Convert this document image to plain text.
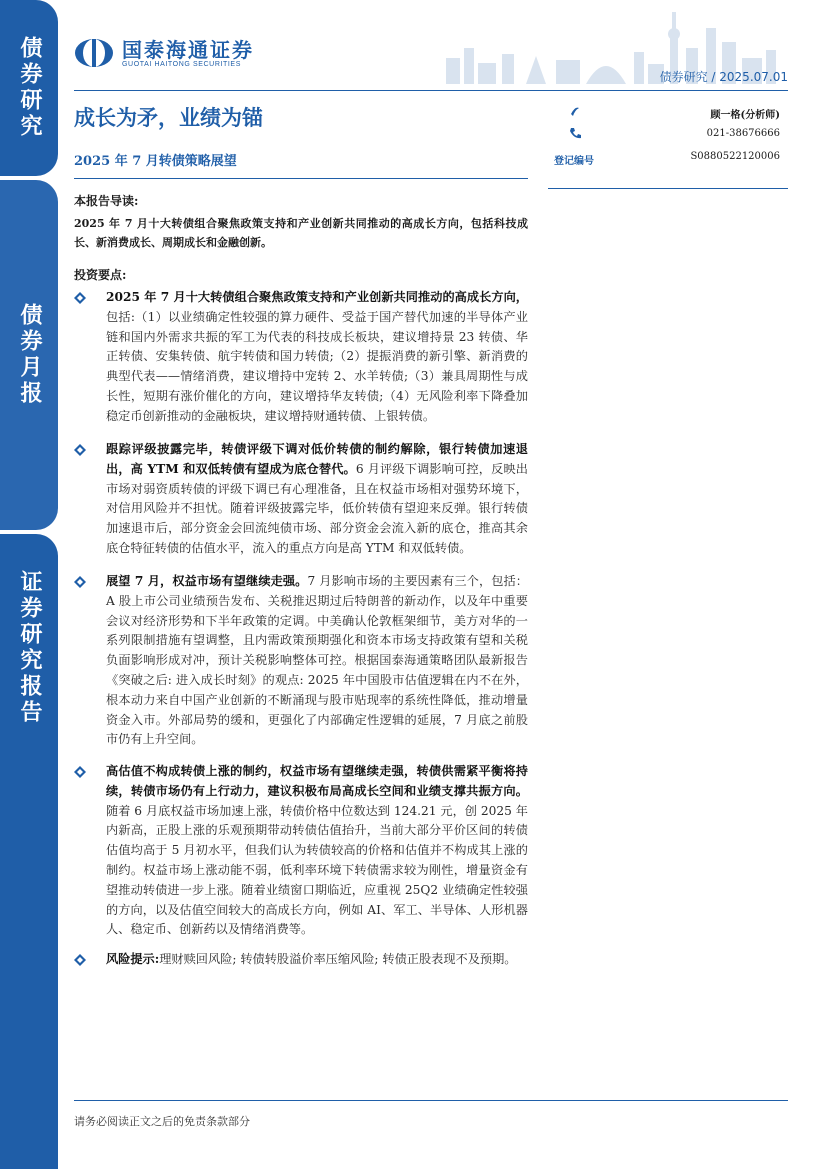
债券研究
债券月报
证券研究报告
国泰海通证券
GUOTAI HAITONG SECURITIES
债券研究 / 2025.07.01
成长为矛，业绩为锚
2025 年 7 月转债策略展望	登记编号
顾一格(分析师)
021-38676666
S0880522120006
本报告导读:
2025 年 7 月十大转债组合聚焦政策支持和产业创新共同推动的高成长方向，包括科技成长、新消费成长、周期成长和金融创新。
投资要点:
2025 年 7 月十大转债组合聚焦政策支持和产业创新共同推动的高成长方向，包括:（1）以业绩确定性较强的算力硬件、受益于国产替代加速的半导体产业链和国内外需求共振的军工为代表的科技成长板块，建议增持景 23 转债、华正转债、安集转债、航宇转债和国力转债;（2）提振消费的新引擎、新消费的典型代表——情绪消费，建议增持中宠转 2、水羊转债;（3）兼具周期性与成长性，短期有涨价催化的方向，建议增持华友转债;（4）无风险利率下降叠加稳定币创新推动的金融板块，建议增持财通转债、上银转债。
跟踪评级披露完毕，转债评级下调对低价转债的制约解除，银行转债加速退出，高 YTM 和双低转债有望成为底仓替代。6 月评级下调影响可控，反映出市场对弱资质转债的评级下调已有心理准备，且在权益市场相对强势环境下，对信用风险并不担忧。随着评级披露完毕，低价转债有望迎来反弹。银行转债加速退市后，部分资金会回流纯债市场、部分资金会流入新的底仓，推高其余底仓特征转债的估值水平，流入的重点方向是高 YTM 和双低转债。
展望 7 月，权益市场有望继续走强。7 月影响市场的主要因素有三个，包括：A 股上市公司业绩预告发布、关税推迟期过后特朗普的新动作，以及年中重要会议对经济形势和下半年政策的定调。中美确认伦敦框架细节，美方对华的一系列限制措施有望调整，且内需政策预期强化和资本市场支持政策有望和关税负面影响形成对冲，预计关税影响整体可控。根据国泰海通策略团队最新报告《突破之后: 进入成长时刻》的观点: 2025 年中国股市估值逻辑在内不在外，根本动力来自中国产业创新的不断涌现与股市贴现率的系统性降低，推动增量资金入市。外部局势的缓和，更强化了内部确定性逻辑的延展，7 月底之前股市仍有上升空间。
高估值不构成转债上涨的制约，权益市场有望继续走强，转债供需紧平衡将持续，转债市场仍有上行动力，建议积极布局高成长空间和业绩支撑共振方向。随着 6 月底权益市场加速上涨，转债价格中位数达到 124.21 元，创 2025 年内新高，正股上涨的乐观预期带动转债估值抬升，当前大部分平价区间的转债估值均高于 5 月初水平，但我们认为转债较高的价格和估值并不构成其上涨的制约。权益市场上涨动能不弱，低利率环境下转债需求较为刚性，增量资金有望推动转债进一步上涨。随着业绩窗口期临近，应重视 25Q2 业绩确定性较强的方向，以及估值空间较大的高成长方向，例如 AI、军工、半导体、人形机器人、稳定币、创新药以及情绪消费等。
风险提示:理财赎回风险; 转债转股溢价率压缩风险; 转债正股表现不及预期。
请务必阅读正文之后的免责条款部分
